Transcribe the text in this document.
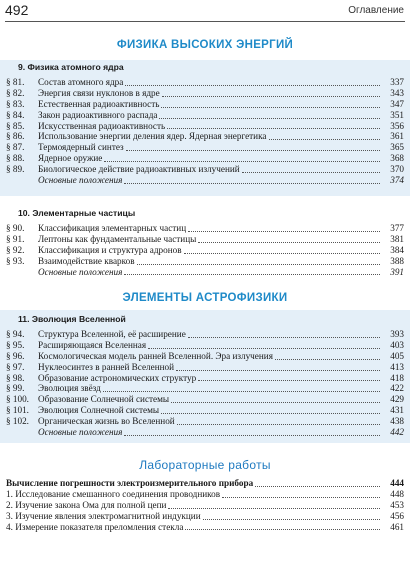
492	Оглавление
ФИЗИКА ВЫСОКИХ ЭНЕРГИЙ
9. Физика атомного ядра
§ 81. Состав атомного ядра	337
§ 82. Энергия связи нуклонов в ядре	343
§ 83. Естественная радиоактивность	347
§ 84. Закон радиоактивного распада	351
§ 85. Искусственная радиоактивность	356
§ 86. Использование энергии деления ядер. Ядерная энергетика	361
§ 87. Термоядерный синтез	365
§ 88. Ядерное оружие	368
§ 89. Биологическое действие радиоактивных излучений	370
Основные положения	374
10. Элементарные частицы
§ 90. Классификация элементарных частиц	377
§ 91. Лептоны как фундаментальные частицы	381
§ 92. Классификация и структура адронов	384
§ 93. Взаимодействие кварков	388
Основные положения	391
ЭЛЕМЕНТЫ АСТРОФИЗИКИ
11. Эволюция Вселенной
§ 94. Структура Вселенной, её расширение	393
§ 95. Расширяющаяся Вселенная	403
§ 96. Космологическая модель ранней Вселенной. Эра излучения	405
§ 97. Нуклеосинтез в ранней Вселенной	413
§ 98. Образование астрономических структур	418
§ 99. Эволюция звёзд	422
§ 100. Образование Солнечной системы	429
§ 101. Эволюция Солнечной системы	431
§ 102. Органическая жизнь во Вселенной	438
Основные положения	442
Лабораторные работы
Вычисление погрешности электроизмерительного прибора	444
1. Исследование смешанного соединения проводников	448
2. Изучение закона Ома для полной цепи	453
3. Изучение явления электромагнитной индукции	456
4. Измерение показателя преломления стекла	461
